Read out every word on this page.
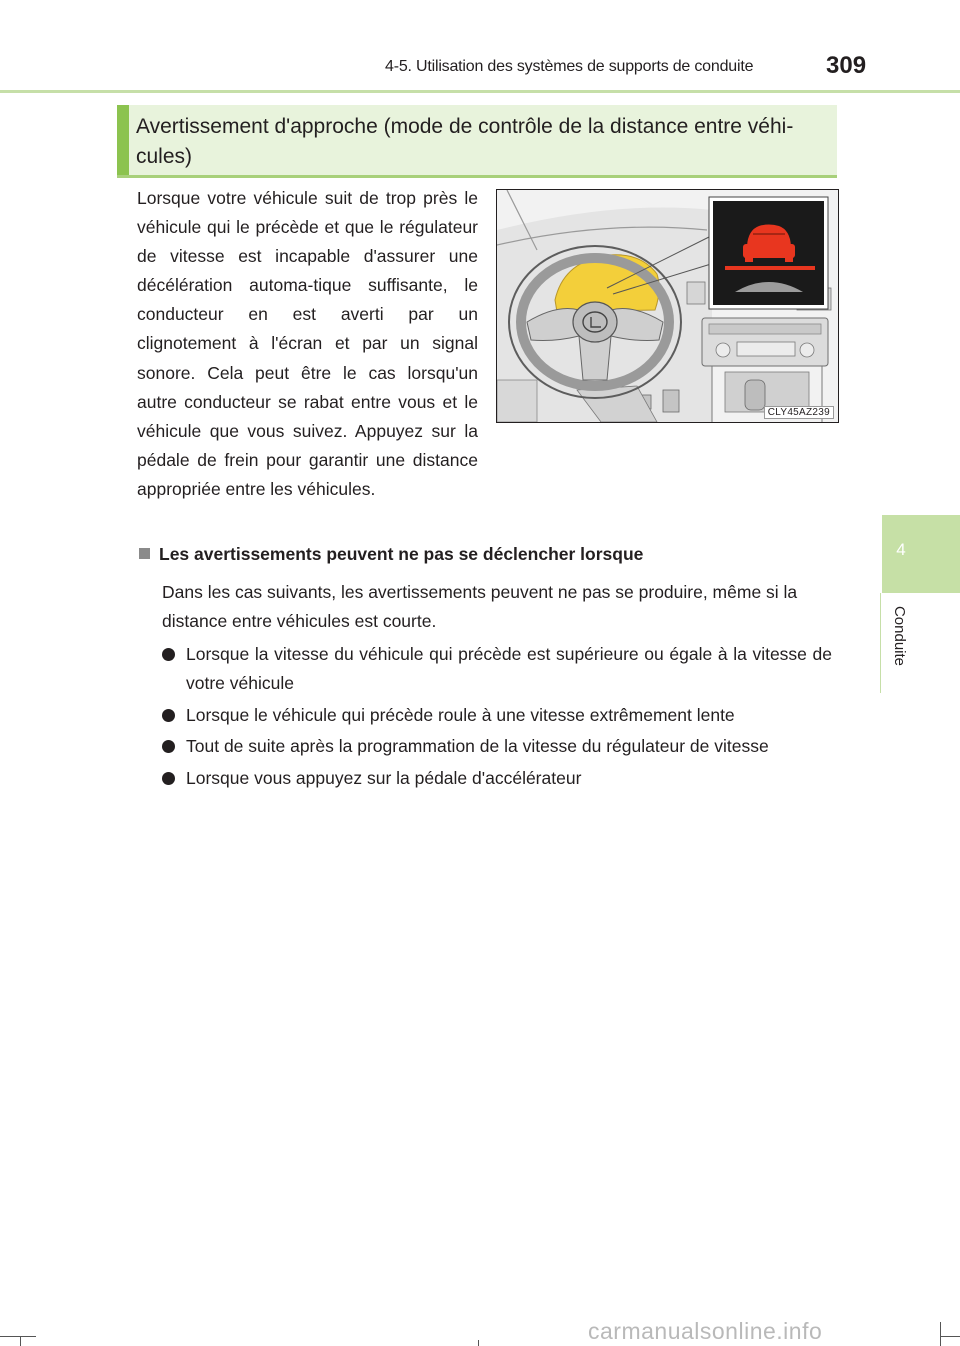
4-5. Utilisation des systèmes de supports de conduite	309
4
Conduite
Avertissement d'approche (mode de contrôle de la distance entre véhi-cules)
Lorsque votre véhicule suit de trop près le véhicule qui le précède et que le régulateur de vitesse est incapable d'assurer une décélération automa-tique suffisante, le conducteur en est averti par un clignotement à l'écran et par un signal sonore. Cela peut être le cas lorsqu'un autre conducteur se rabat entre vous et le véhicule que vous suivez. Appuyez sur la pédale de frein pour garantir une distance appropriée entre les véhicules.
CLY45AZ239
Les avertissements peuvent ne pas se déclencher lorsque
Dans les cas suivants, les avertissements peuvent ne pas se produire, même si la distance entre véhicules est courte.
Lorsque la vitesse du véhicule qui précède est supérieure ou égale à la vitesse de votre véhicule
Lorsque le véhicule qui précède roule à une vitesse extrêmement lente
Tout de suite après la programmation de la vitesse du régulateur de vitesse
Lorsque vous appuyez sur la pédale d'accélérateur
carmanualsonline.info
